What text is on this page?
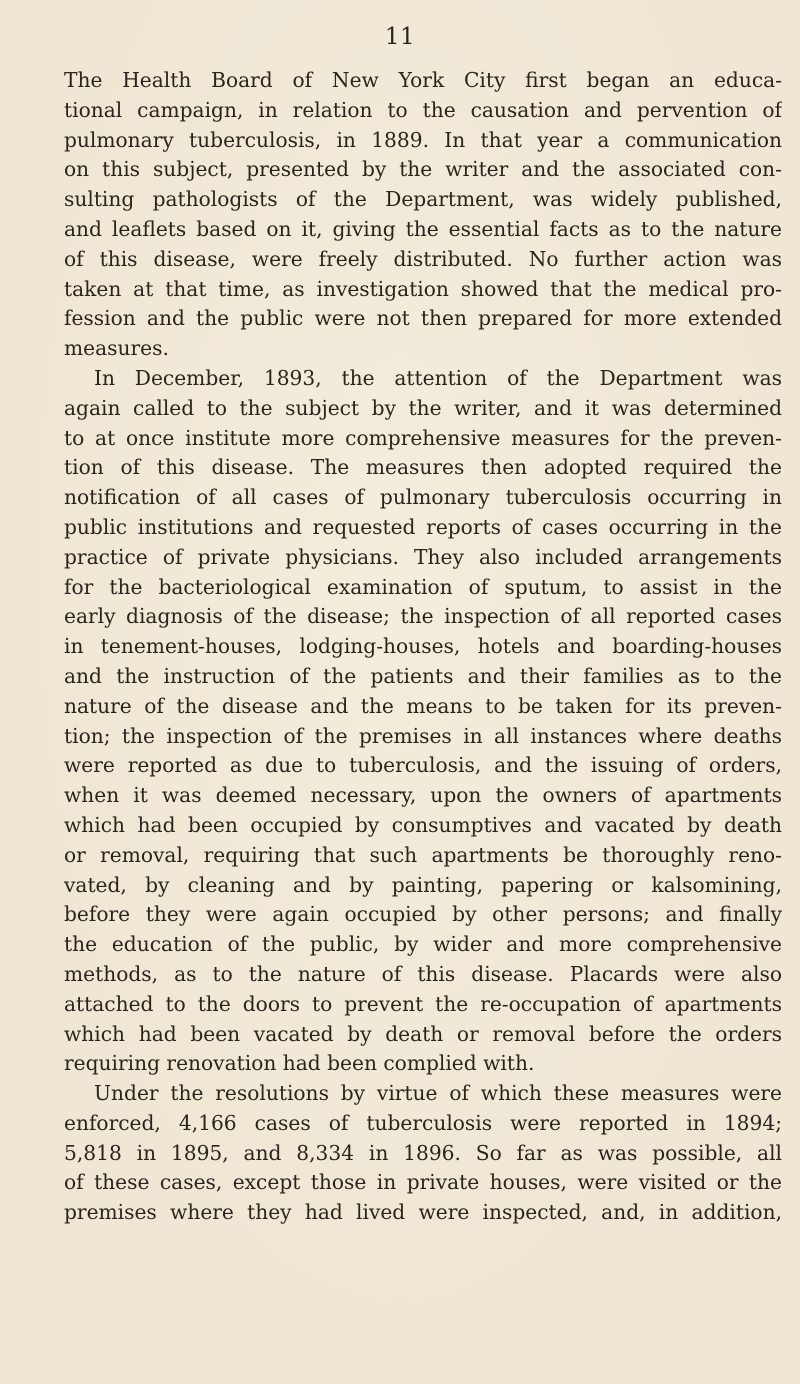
11
The Health Board of New York City first began an educa-
tional campaign, in relation to the causation and pervention of
pulmonary tuberculosis, in 1889. In that year a communication
on this subject, presented by the writer and the associated con-
sulting pathologists of the Department, was widely published,
and leaflets based on it, giving the essential facts as to the nature
of this disease, were freely distributed. No further action was
taken at that time, as investigation showed that the medical pro-
fession and the public were not then prepared for more extended
measures.
In December, 1893, the attention of the Department was
again called to the subject by the writer, and it was determined
to at once institute more comprehensive measures for the preven-
tion of this disease. The measures then adopted required the
notification of all cases of pulmonary tuberculosis occurring in
public institutions and requested reports of cases occurring in the
practice of private physicians. They also included arrangements
for the bacteriological examination of sputum, to assist in the
early diagnosis of the disease; the inspection of all reported cases
in tenement-houses, lodging-houses, hotels and boarding-houses
and the instruction of the patients and their families as to the
nature of the disease and the means to be taken for its preven-
tion; the inspection of the premises in all instances where deaths
were reported as due to tuberculosis, and the issuing of orders,
when it was deemed necessary, upon the owners of apartments
which had been occupied by consumptives and vacated by death
or removal, requiring that such apartments be thoroughly reno-
vated, by cleaning and by painting, papering or kalsomining,
before they were again occupied by other persons; and finally
the education of the public, by wider and more comprehensive
methods, as to the nature of this disease. Placards were also
attached to the doors to prevent the re-occupation of apartments
which had been vacated by death or removal before the orders
requiring renovation had been complied with.
Under the resolutions by virtue of which these measures were
enforced, 4,166 cases of tuberculosis were reported in 1894;
5,818 in 1895, and 8,334 in 1896. So far as was possible, all
of these cases, except those in private houses, were visited or the
premises where they had lived were inspected, and, in addition,
